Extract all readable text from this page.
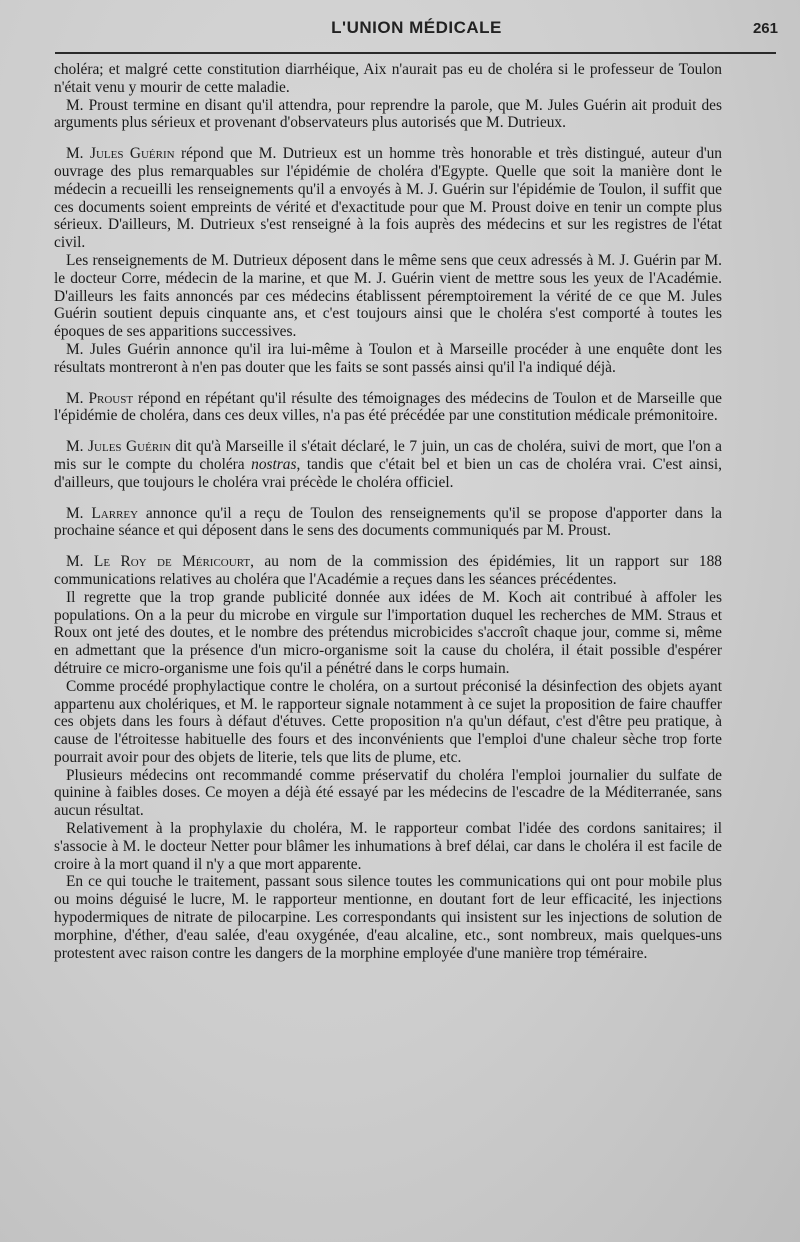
L'UNION MÉDICALE	261

choléra; et malgré cette constitution diarrhéique, Aix n'aurait pas eu de choléra si le professeur de Toulon n'était venu y mourir de cette maladie.

M. Proust termine en disant qu'il attendra, pour reprendre la parole, que M. Jules Guérin ait produit des arguments plus sérieux et provenant d'observateurs plus autorisés que M. Dutrieux.

M. Jules Guérin répond que M. Dutrieux est un homme très honorable et très distingué, auteur d'un ouvrage des plus remarquables sur l'épidémie de choléra d'Egypte. Quelle que soit la manière dont le médecin a recueilli les renseignements qu'il a envoyés à M. J. Guérin sur l'épidémie de Toulon, il suffit que ces documents soient empreints de vérité et d'exactitude pour que M. Proust doive en tenir un compte plus sérieux. D'ailleurs, M. Dutrieux s'est renseigné à la fois auprès des médecins et sur les registres de l'état civil.

Les renseignements de M. Dutrieux déposent dans le même sens que ceux adressés à M. J. Guérin par M. le docteur Corre, médecin de la marine, et que M. J. Guérin vient de mettre sous les yeux de l'Académie. D'ailleurs les faits annoncés par ces médecins établissent péremptoirement la vérité de ce que M. Jules Guérin soutient depuis cinquante ans, et c'est toujours ainsi que le choléra s'est comporté à toutes les époques de ses apparitions successives.

M. Jules Guérin annonce qu'il ira lui-même à Toulon et à Marseille procéder à une enquête dont les résultats montreront à n'en pas douter que les faits se sont passés ainsi qu'il l'a indiqué déjà.

M. Proust répond en répétant qu'il résulte des témoignages des médecins de Toulon et de Marseille que l'épidémie de choléra, dans ces deux villes, n'a pas été précédée par une constitution médicale prémonitoire.

M. Jules Guérin dit qu'à Marseille il s'était déclaré, le 7 juin, un cas de choléra, suivi de mort, que l'on a mis sur le compte du choléra nostras, tandis que c'était bel et bien un cas de choléra vrai. C'est ainsi, d'ailleurs, que toujours le choléra vrai précède le choléra officiel.

M. Larrey annonce qu'il a reçu de Toulon des renseignements qu'il se propose d'apporter dans la prochaine séance et qui déposent dans le sens des documents communiqués par M. Proust.

M. Le Roy de Méricourt, au nom de la commission des épidémies, lit un rapport sur 188 communications relatives au choléra que l'Académie a reçues dans les séances précédentes.

Il regrette que la trop grande publicité donnée aux idées de M. Koch ait contribué à affoler les populations. On a la peur du microbe en virgule sur l'importation duquel les recherches de MM. Straus et Roux ont jeté des doutes, et le nombre des prétendus microbicides s'accroît chaque jour, comme si, même en admettant que la présence d'un micro-organisme soit la cause du choléra, il était possible d'espérer détruire ce micro-organisme une fois qu'il a pénétré dans le corps humain.

Comme procédé prophylactique contre le choléra, on a surtout préconisé la désinfection des objets ayant appartenu aux cholériques, et M. le rapporteur signale notamment à ce sujet la proposition de faire chauffer ces objets dans les fours à défaut d'étuves. Cette proposition n'a qu'un défaut, c'est d'être peu pratique, à cause de l'étroitesse habituelle des fours et des inconvénients que l'emploi d'une chaleur sèche trop forte pourrait avoir pour des objets de literie, tels que lits de plume, etc.

Plusieurs médecins ont recommandé comme préservatif du choléra l'emploi journalier du sulfate de quinine à faibles doses. Ce moyen a déjà été essayé par les médecins de l'escadre de la Méditerranée, sans aucun résultat.

Relativement à la prophylaxie du choléra, M. le rapporteur combat l'idée des cordons sanitaires; il s'associe à M. le docteur Netter pour blâmer les inhumations à bref délai, car dans le choléra il est facile de croire à la mort quand il n'y a que mort apparente.

En ce qui touche le traitement, passant sous silence toutes les communications qui ont pour mobile plus ou moins déguisé le lucre, M. le rapporteur mentionne, en doutant fort de leur efficacité, les injections hypodermiques de nitrate de pilocarpine. Les correspondants qui insistent sur les injections de solution de morphine, d'éther, d'eau salée, d'eau oxygénée, d'eau alcaline, etc., sont nombreux, mais quelques-uns protestent avec raison contre les dangers de la morphine employée d'une manière trop téméraire.
